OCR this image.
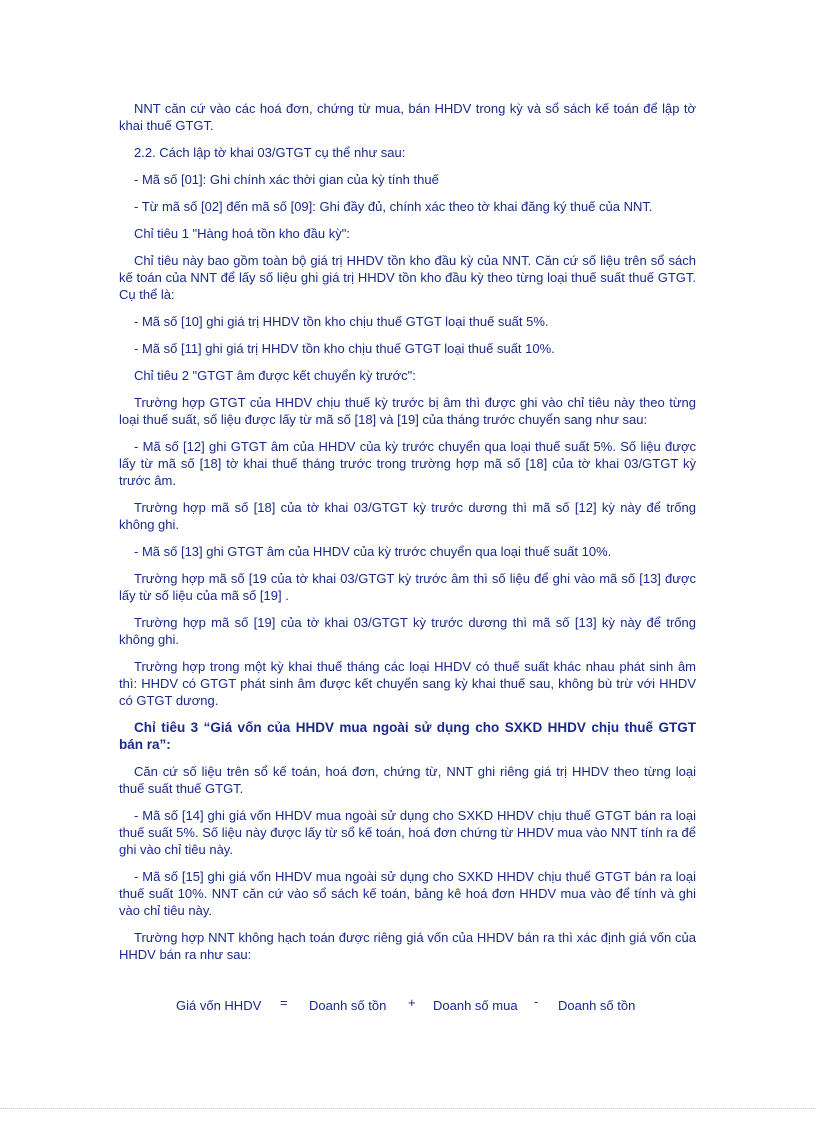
NNT căn cứ vào các hoá đơn, chứng từ mua, bán HHDV trong kỳ và sổ sách kế toán để lập tờ khai thuế GTGT.

2.2. Cách lập tờ khai 03/GTGT cụ thể như sau:

- Mã số [01]: Ghi chính xác thời gian của kỳ tính thuế

- Từ mã số [02] đến mã số [09]: Ghi đầy đủ, chính xác theo tờ khai đăng ký thuế của NNT.

Chỉ tiêu 1 "Hàng hoá tồn kho đầu kỳ":

Chỉ tiêu này bao gồm toàn bộ giá trị HHDV tồn kho đầu kỳ của NNT. Căn cứ số liệu trên sổ sách kế toán của NNT để lấy số liệu ghi giá trị HHDV tồn kho đầu kỳ theo từng loại thuế suất thuế GTGT. Cụ thể là:

- Mã số [10] ghi giá trị HHDV tồn kho chịu thuế GTGT loại thuế suất 5%.

- Mã số [11] ghi giá trị HHDV tồn kho chịu thuế GTGT loại thuế suất 10%.

Chỉ tiêu 2 "GTGT âm được kết chuyển kỳ trước":

Trường hợp GTGT của HHDV chịu thuế kỳ trước bị âm thì được ghi vào chỉ tiêu này theo từng loại thuế suất, số liệu được lấy từ mã số [18] và [19] của tháng trước chuyển sang như sau:

- Mã số [12] ghi GTGT âm của HHDV của kỳ trước chuyển qua loại thuế suất 5%. Số liệu được lấy từ mã số [18] tờ khai thuế tháng trước trong trường hợp mã số [18] của tờ khai 03/GTGT kỳ trước âm.

Trường hợp mã số [18] của tờ khai 03/GTGT kỳ trước dương thì mã số [12] kỳ này để trống không ghi.

- Mã số [13] ghi GTGT âm của HHDV của kỳ trước chuyển qua loại thuế suất 10%.

Trường hợp mã số [19 của tờ khai 03/GTGT kỳ trước âm thì số liệu để ghi vào mã số [13] được lấy từ số liệu của mã số [19] .

Trường hợp mã số [19] của tờ khai 03/GTGT kỳ trước dương thì mã số [13] kỳ này để trống không ghi.

Trường hợp trong một kỳ khai thuế tháng các loại HHDV có thuế suất khác nhau phát sinh âm thì: HHDV có GTGT phát sinh âm được kết chuyển sang kỳ khai thuế sau, không bù trừ với HHDV có GTGT dương.

Chỉ tiêu 3 “Giá vốn của HHDV mua ngoài sử dụng cho SXKD HHDV chịu thuế GTGT bán ra”:

Căn cứ số liệu trên sổ kế toán, hoá đơn, chứng từ, NNT ghi riêng giá trị HHDV theo từng loại thuế suất thuế GTGT.

- Mã số [14] ghi giá vốn HHDV mua ngoài sử dụng cho SXKD HHDV chịu thuế GTGT bán ra loại thuế suất 5%. Số liệu này được lấy từ sổ kế toán, hoá đơn chứng từ HHDV mua vào NNT tính ra để ghi vào chỉ tiêu này.

- Mã số [15] ghi giá vốn HHDV mua ngoài sử dụng cho SXKD HHDV chịu thuế GTGT bán ra loại thuế suất 10%. NNT căn cứ vào sổ sách kế toán, bảng kê hoá đơn HHDV mua vào để tính và ghi vào chỉ tiêu này.

Trường hợp NNT không hạch toán được riêng giá vốn của HHDV bán ra thì xác định giá vốn của HHDV bán ra như sau:

Giá vốn HHDV = Doanh số tồn + Doanh số mua - Doanh số tồn
